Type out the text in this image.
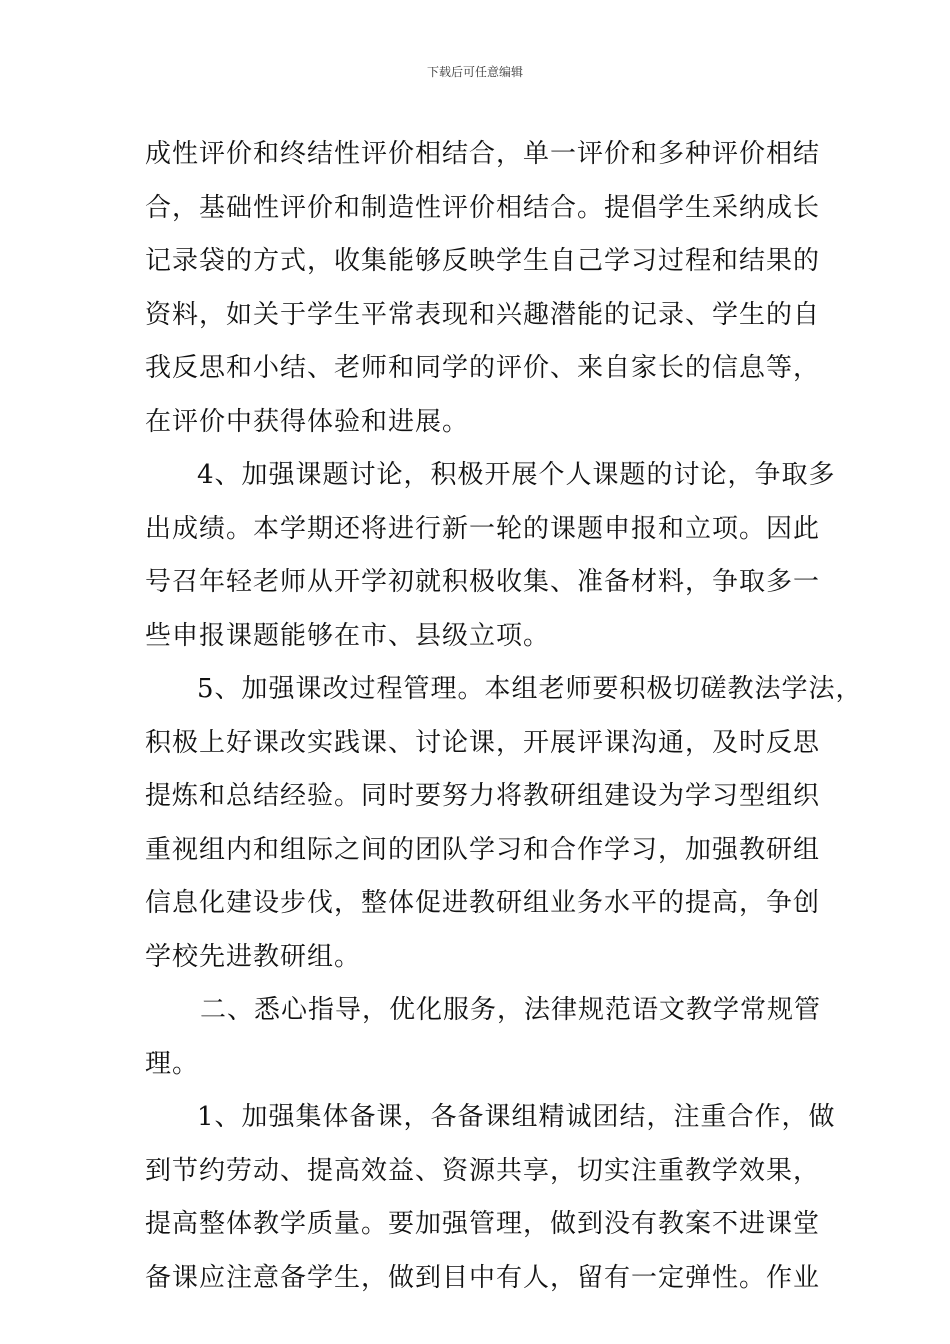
下载后可任意编辑
成性评价和终结性评价相结合，单一评价和多种评价相结
合，基础性评价和制造性评价相结合。提倡学生采纳成长
记录袋的方式，收集能够反映学生自己学习过程和结果的
资料，如关于学生平常表现和兴趣潜能的记录、学生的自
我反思和小结、老师和同学的评价、来自家长的信息等，
在评价中获得体验和进展。
4、加强课题讨论，积极开展个人课题的讨论，争取多
出成绩。本学期还将进行新一轮的课题申报和立项。因此
号召年轻老师从开学初就积极收集、准备材料，争取多一
些申报课题能够在市、县级立项。
5、加强课改过程管理。本组老师要积极切磋教法学法，
积极上好课改实践课、讨论课，开展评课沟通，及时反思
提炼和总结经验。同时要努力将教研组建设为学习型组织
重视组内和组际之间的团队学习和合作学习，加强教研组
信息化建设步伐，整体促进教研组业务水平的提高，争创
学校先进教研组。
二、悉心指导，优化服务，法律规范语文教学常规管
理。
1、加强集体备课，各备课组精诚团结，注重合作，做
到节约劳动、提高效益、资源共享，切实注重教学效果，
提高整体教学质量。要加强管理，做到没有教案不进课堂
备课应注意备学生，做到目中有人，留有一定弹性。作业
